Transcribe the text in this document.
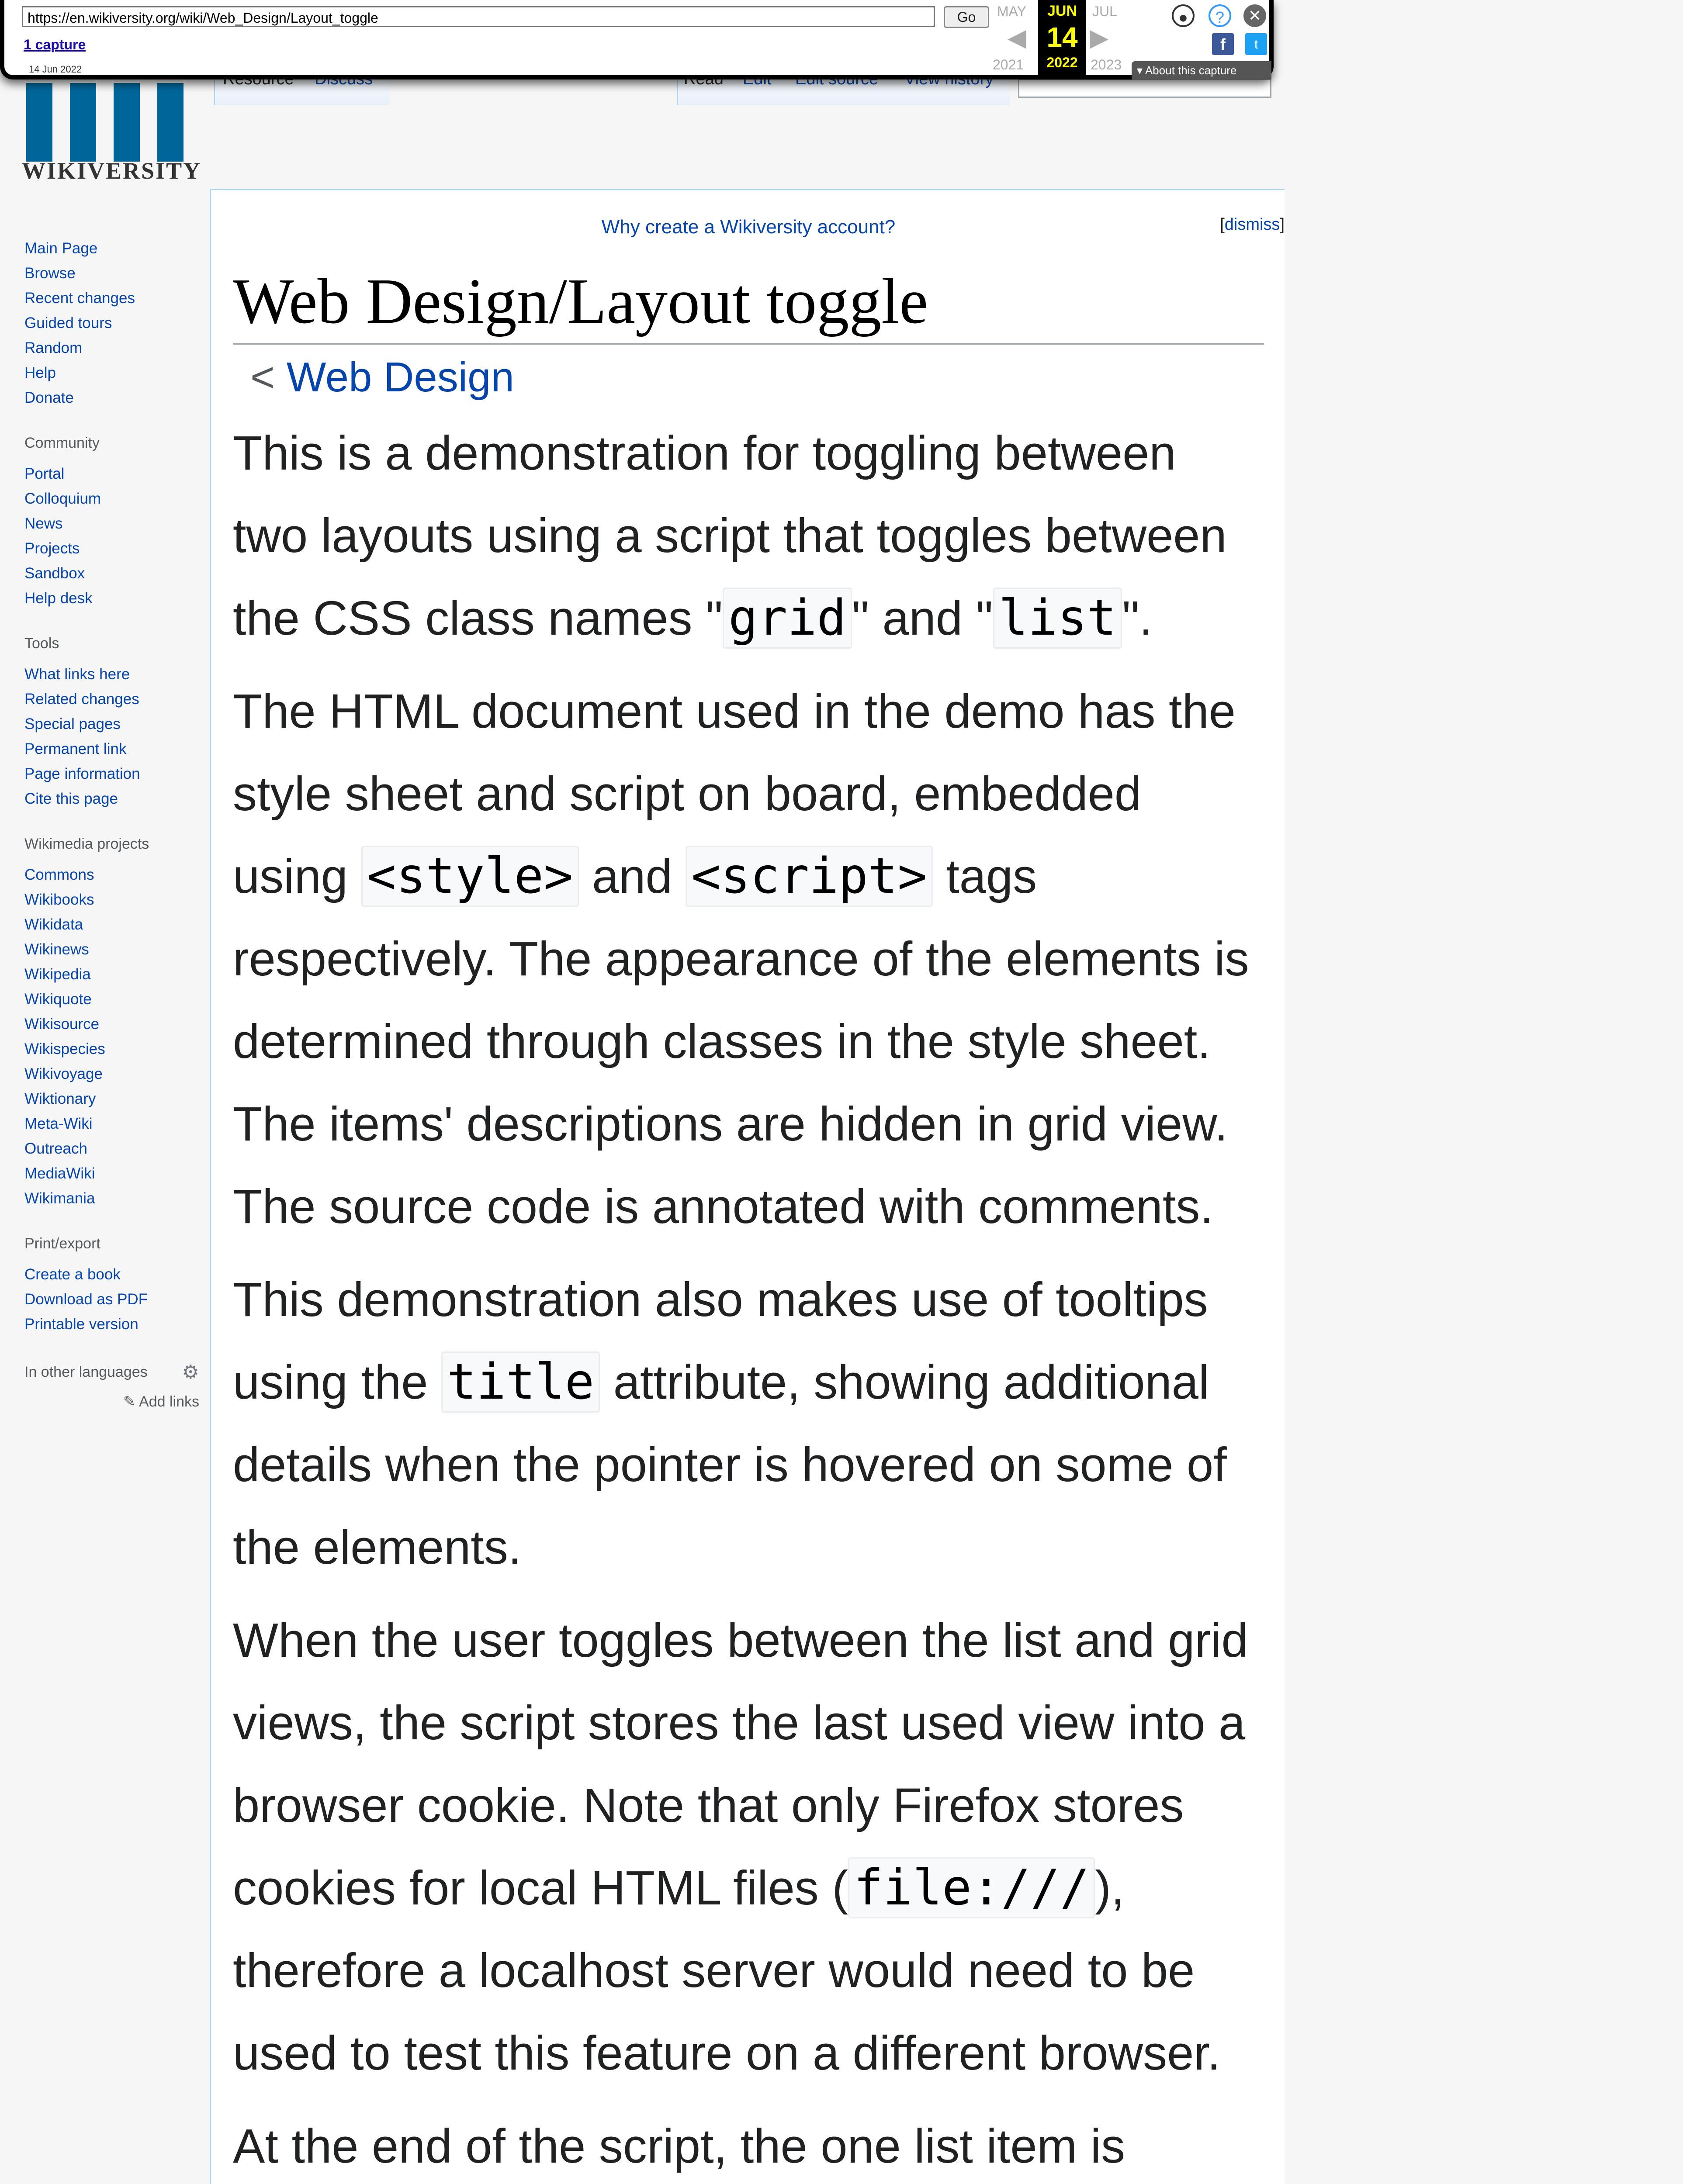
https://en.wikiversity.org/wiki/Web_Design/Layout_toggle	Go
1 capture
14 Jun 2022
MAY
◀
2021
JUN
14
2022
JUL
▶
2023
●	?	✕
f	t
▾ About this capture
WIKIVERSITY
Main Page
Browse
Recent changes
Guided tours
Random
Help
Donate
Community
Portal
Colloquium
News
Projects
Sandbox
Help desk
Tools
What links here
Related changes
Special pages
Permanent link
Page information
Cite this page
Wikimedia projects
Commons
Wikibooks
Wikidata
Wikinews
Wikipedia
Wikiquote
Wikisource
Wikispecies
Wikivoyage
Wiktionary
Meta-Wiki
Outreach
MediaWiki
Wikimania
Print/export
Create a book
Download as PDF
Printable version
In other languages ⚙
✎ Add links
Why create a Wikiversity account?	[dismiss]
Web Design/Layout toggle
< Web Design

This is a demonstration for toggling between two layouts using a script that toggles between the CSS class names " grid " and " list ".

The HTML document used in the demo has the style sheet and script on board, embedded using <style> and <script> tags respectively. The appearance of the elements is determined through classes in the style sheet. The items' descriptions are hidden in grid view. The source code is annotated with comments.

This demonstration also makes use of tooltips using the title attribute, showing additional details when the pointer is hovered on some of the elements.

When the user toggles between the list and grid views, the script stores the last used view into a browser cookie. Note that only Firefox stores cookies for local HTML files ( file:/// ), therefore a localhost server would need to be used to test this feature on a different browser.

At the end of the script, the one list item is
